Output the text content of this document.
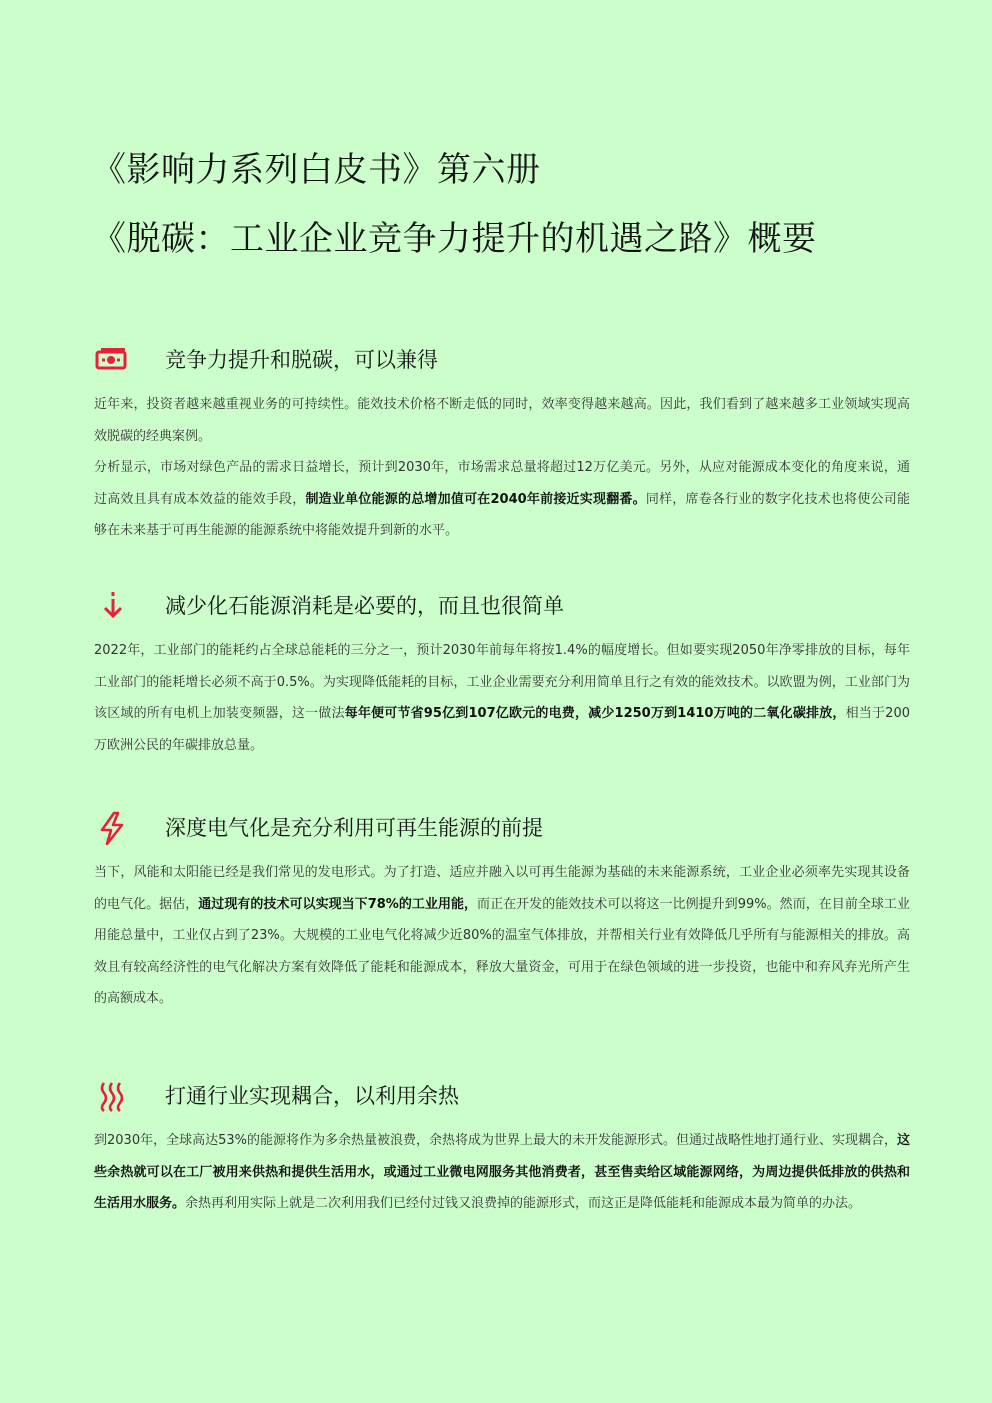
《影响力系列白皮书》第六册
《脱碳：工业企业竞争力提升的机遇之路》概要
竞争力提升和脱碳，可以兼得

近年来，投资者越来越重视业务的可持续性。能效技术价格不断走低的同时，效率变得越来越高。因此，我们看到了越来越多工业领域实现高效脱碳的经典案例。

分析显示，市场对绿色产品的需求日益增长，预计到2030年，市场需求总量将超过12万亿美元。另外，从应对能源成本变化的角度来说，通过高效且具有成本效益的能效手段，制造业单位能源的总增加值可在2040年前接近实现翻番。同样，席卷各行业的数字化技术也将使公司能够在未来基于可再生能源的能源系统中将能效提升到新的水平。

减少化石能源消耗是必要的，而且也很简单

2022年，工业部门的能耗约占全球总能耗的三分之一，预计2030年前每年将按1.4%的幅度增长。但如要实现2050年净零排放的目标，每年工业部门的能耗增长必须不高于0.5%。为实现降低能耗的目标，工业企业需要充分利用简单且行之有效的能效技术。以欧盟为例，工业部门为该区域的所有电机上加装变频器，这一做法每年便可节省95亿到107亿欧元的电费，减少1250万到1410万吨的二氧化碳排放，相当于200万欧洲公民的年碳排放总量。

深度电气化是充分利用可再生能源的前提

当下，风能和太阳能已经是我们常见的发电形式。为了打造、适应并融入以可再生能源为基础的未来能源系统，工业企业必须率先实现其设备的电气化。据估，通过现有的技术可以实现当下78%的工业用能，而正在开发的能效技术可以将这一比例提升到99%。然而，在目前全球工业用能总量中，工业仅占到了23%。大规模的工业电气化将减少近80%的温室气体排放，并帮相关行业有效降低几乎所有与能源相关的排放。高效且有较高经济性的电气化解决方案有效降低了能耗和能源成本，释放大量资金，可用于在绿色领域的进一步投资，也能中和弃风弃光所产生的高额成本。

打通行业实现耦合，以利用余热

到2030年，全球高达53%的能源将作为多余热量被浪费，余热将成为世界上最大的未开发能源形式。但通过战略性地打通行业、实现耦合，这些余热就可以在工厂被用来供热和提供生活用水，或通过工业微电网服务其他消费者，甚至售卖给区域能源网络，为周边提供低排放的供热和生活用水服务。余热再利用实际上就是二次利用我们已经付过钱又浪费掉的能源形式，而这正是降低能耗和能源成本最为简单的办法。
